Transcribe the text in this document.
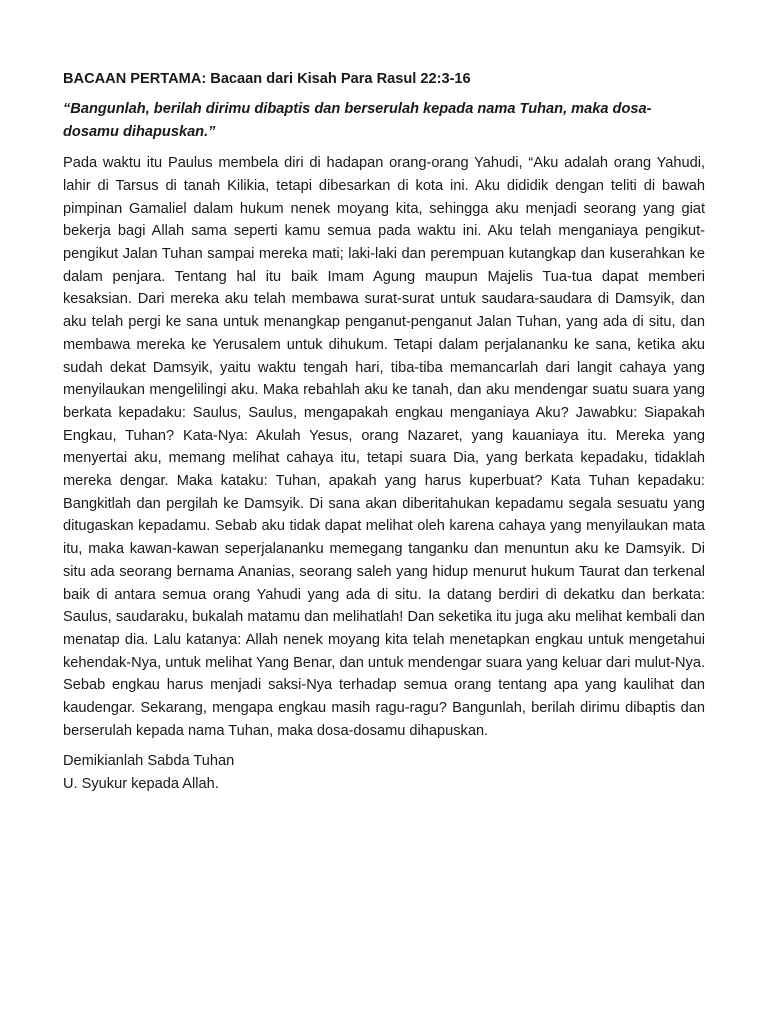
BACAAN PERTAMA: Bacaan dari Kisah Para Rasul 22:3-16
“Bangunlah, berilah dirimu dibaptis dan berserulah kepada nama Tuhan, maka dosa-dosamu dihapuskan.”
Pada waktu itu Paulus membela diri di hadapan orang-orang Yahudi, “Aku adalah orang Yahudi, lahir di Tarsus di tanah Kilikia, tetapi dibesarkan di kota ini. Aku dididik dengan teliti di bawah pimpinan Gamaliel dalam hukum nenek moyang kita, sehingga aku menjadi seorang yang giat bekerja bagi Allah sama seperti kamu semua pada waktu ini. Aku telah menganiaya pengikut-pengikut Jalan Tuhan sampai mereka mati; laki-laki dan perempuan kutangkap dan kuserahkan ke dalam penjara. Tentang hal itu baik Imam Agung maupun Majelis Tua-tua dapat memberi kesaksian. Dari mereka aku telah membawa surat-surat untuk saudara-saudara di Damsyik, dan aku telah pergi ke sana untuk menangkap penganut-penganut Jalan Tuhan, yang ada di situ, dan membawa mereka ke Yerusalem untuk dihukum. Tetapi dalam perjalananku ke sana, ketika aku sudah dekat Damsyik, yaitu waktu tengah hari, tiba-tiba memancarlah dari langit cahaya yang menyilaukan mengelilingi aku. Maka rebahlah aku ke tanah, dan aku mendengar suatu suara yang berkata kepadaku: Saulus, Saulus, mengapakah engkau menganiaya Aku? Jawabku: Siapakah Engkau, Tuhan? Kata-Nya: Akulah Yesus, orang Nazaret, yang kauaniaya itu. Mereka yang menyertai aku, memang melihat cahaya itu, tetapi suara Dia, yang berkata kepadaku, tidaklah mereka dengar. Maka kataku: Tuhan, apakah yang harus kuperbuat? Kata Tuhan kepadaku: Bangkitlah dan pergilah ke Damsyik. Di sana akan diberitahukan kepadamu segala sesuatu yang ditugaskan kepadamu. Sebab aku tidak dapat melihat oleh karena cahaya yang menyilaukan mata itu, maka kawan-kawan seperjalananku memegang tanganku dan menuntun aku ke Damsyik. Di situ ada seorang bernama Ananias, seorang saleh yang hidup menurut hukum Taurat dan terkenal baik di antara semua orang Yahudi yang ada di situ. Ia datang berdiri di dekatku dan berkata: Saulus, saudaraku, bukalah matamu dan melihatlah! Dan seketika itu juga aku melihat kembali dan menatap dia. Lalu katanya: Allah nenek moyang kita telah menetapkan engkau untuk mengetahui kehendak-Nya, untuk melihat Yang Benar, dan untuk mendengar suara yang keluar dari mulut-Nya. Sebab engkau harus menjadi saksi-Nya terhadap semua orang tentang apa yang kaulihat dan kaudengar. Sekarang, mengapa engkau masih ragu-ragu? Bangunlah, berilah dirimu dibaptis dan berserulah kepada nama Tuhan, maka dosa-dosamu dihapuskan.
Demikianlah Sabda Tuhan
U. Syukur kepada Allah.
